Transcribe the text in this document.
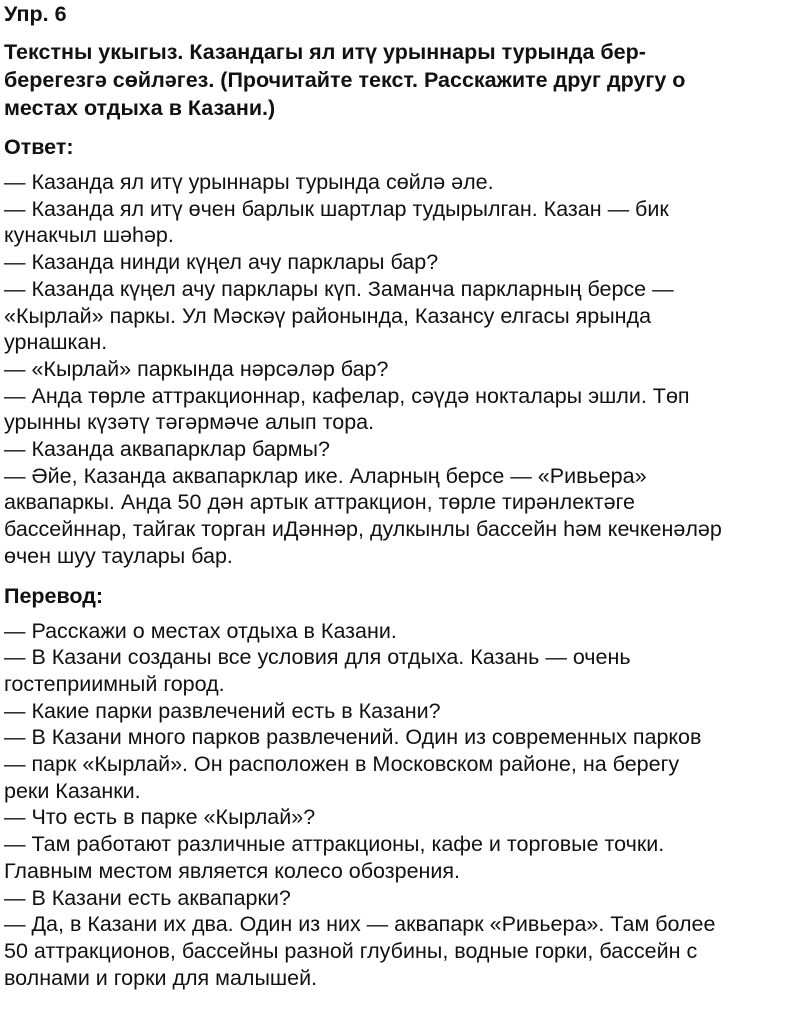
Упр. 6
Текстны укыгыз. Казандагы ял итү урыннары турында бер-
берегезгә сөйләгез. (Прочитайте текст. Расскажите друг другу о
местах отдыха в Казани.)
Ответ:
— Казанда ял итү урыннары турында сөйлә әле.
— Казанда ял итү өчен барлык шартлар тудырылган. Казан — бик
кунакчыл шәһәр.
— Казанда нинди күңел ачу парклары бар?
— Казанда күңел ачу парклары күп. Заманча паркларның берсе —
«Кырлай» паркы. Ул Мәскәү районында, Казансу елгасы ярында
урнашкан.
— «Кырлай» паркында нәрсәләр бар?
— Анда төрле аттракционнар, кафелар, сәүдә нокталары эшли. Төп
урынны күзәтү тәгәрмәче алып тора.
— Казанда аквапарклар бармы?
— Әйе, Казанда аквапарклар ике. Аларның берсе — «Ривьера»
аквапаркы. Анда 50 дән артык аттракцион, төрле тирәнлектәге
бассейннар, тайгак торган иДәннәр, дулкынлы бассейн һәм кечкенәләр
өчен шуу таулары бар.
Перевод:
— Расскажи о местах отдыха в Казани.
— В Казани созданы все условия для отдыха. Казань — очень
гостеприимный город.
— Какие парки развлечений есть в Казани?
— В Казани много парков развлечений. Один из современных парков
— парк «Кырлай». Он расположен в Московском районе, на берегу
реки Казанки.
— Что есть в парке «Кырлай»?
— Там работают различные аттракционы, кафе и торговые точки.
Главным местом является колесо обозрения.
— В Казани есть аквапарки?
— Да, в Казани их два. Один из них — аквапарк «Ривьера». Там более
50 аттракционов, бассейны разной глубины, водные горки, бассейн с
волнами и горки для малышей.
